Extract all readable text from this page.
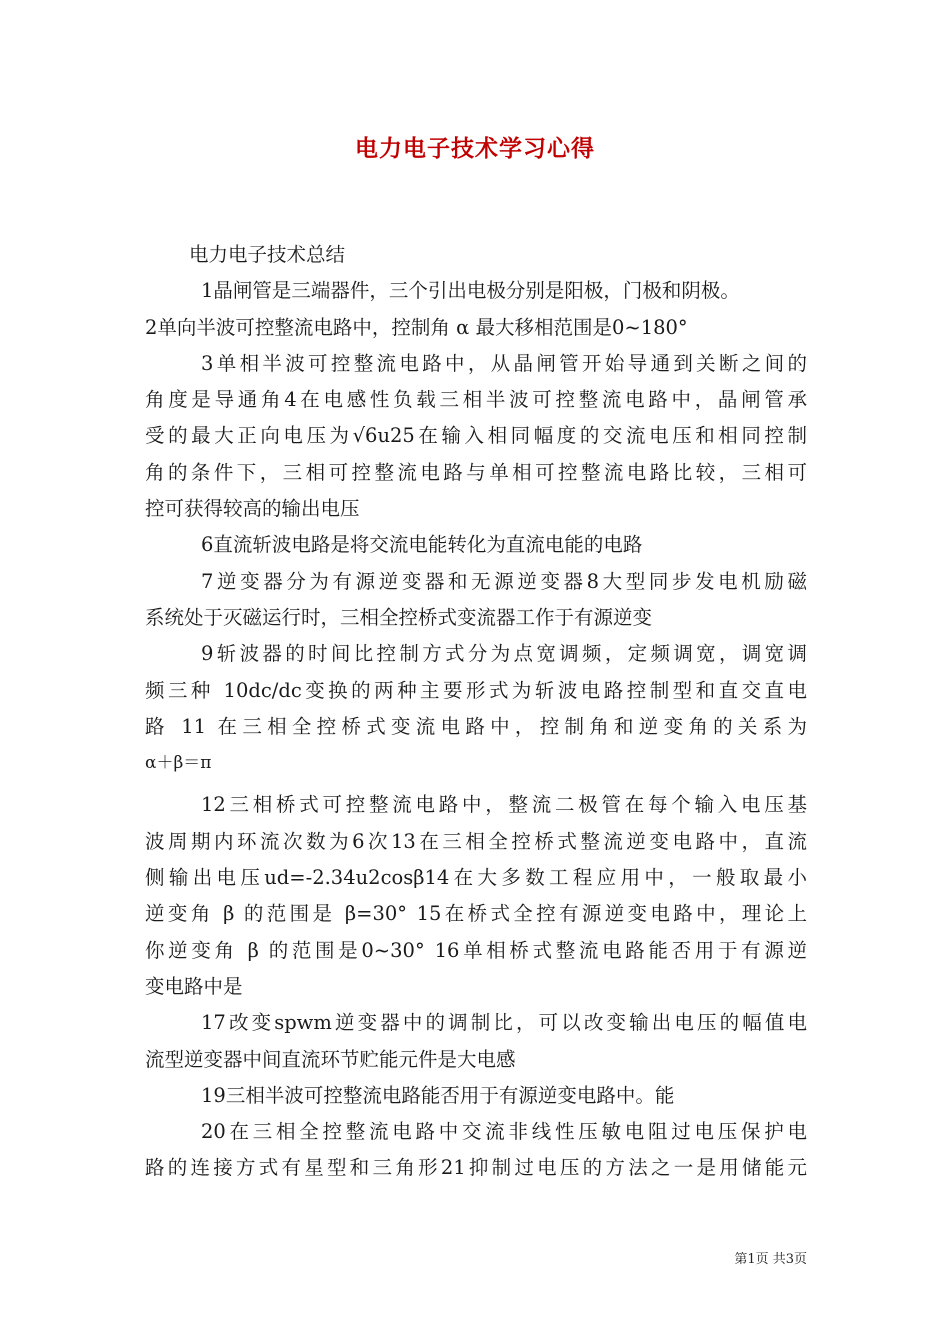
电力电子技术学习心得
电力电子技术总结
1晶闸管是三端器件，三个引出电极分别是阳极，门极和阴极。
2单向半波可控整流电路中，控制角 α 最大移相范围是0~180°
3单相半波可控整流电路中，从晶闸管开始导通到关断之间的
角度是导通角4在电感性负载三相半波可控整流电路中，晶闸管承
受的最大正向电压为√6u25在输入相同幅度的交流电压和相同控制
角的条件下，三相可控整流电路与单相可控整流电路比较，三相可
控可获得较高的输出电压
6直流斩波电路是将交流电能转化为直流电能的电路
7逆变器分为有源逆变器和无源逆变器8大型同步发电机励磁
系统处于灭磁运行时，三相全控桥式变流器工作于有源逆变
9斩波器的时间比控制方式分为点宽调频，定频调宽，调宽调
频三种 10dc/dc变换的两种主要形式为斩波电路控制型和直交直电
路 11 在三相全控桥式变流电路中，控制角和逆变角的关系为
α＋β＝π
12三相桥式可控整流电路中，整流二极管在每个输入电压基
波周期内环流次数为6次13在三相全控桥式整流逆变电路中，直流
侧输出电压ud=-2.34u2cosβ14在大多数工程应用中，一般取最小
逆变角 β 的范围是 β=30° 15在桥式全控有源逆变电路中，理论上
你逆变角 β 的范围是0~30° 16单相桥式整流电路能否用于有源逆
变电路中是
17改变spwm逆变器中的调制比，可以改变输出电压的幅值电
流型逆变器中间直流环节贮能元件是大电感
19三相半波可控整流电路能否用于有源逆变电路中。能
20在三相全控整流电路中交流非线性压敏电阻过电压保护电
路的连接方式有星型和三角形21抑制过电压的方法之一是用储能元
第1页 共3页
